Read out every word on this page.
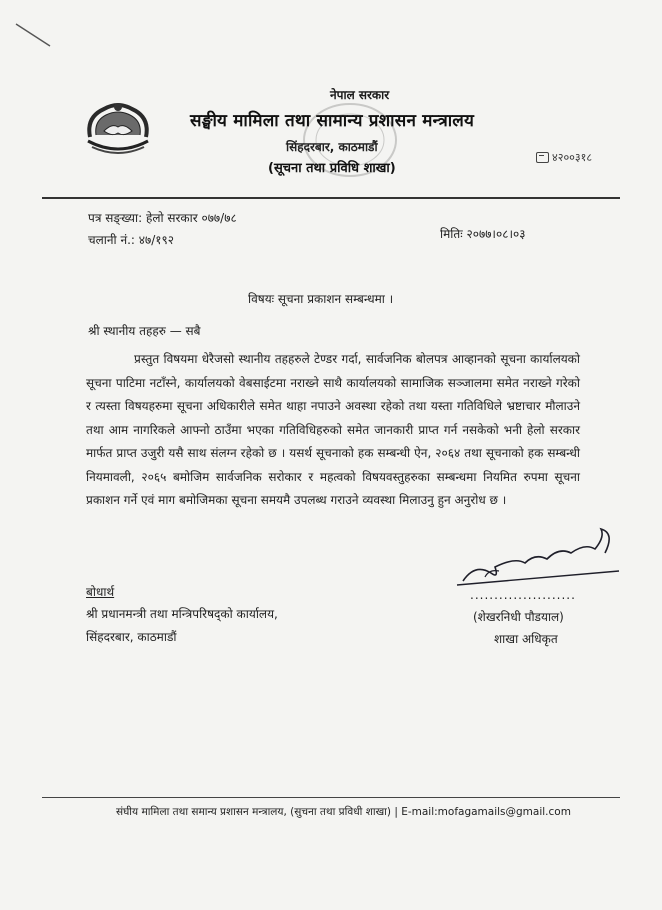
नेपाल सरकार
सङ्घीय मामिला तथा सामान्य प्रशासन मन्त्रालय
सिंहदरबार, काठमाडौं
(सूचना तथा प्रविधि शाखा)
४२००३१८
पत्र सङ्ख्या: हेलो सरकार ०७७/७८
चलानी नं.: ४७/१९२	मितिः २०७७।०८।०३
विषयः सूचना प्रकाशन सम्बन्धमा ।
श्री स्थानीय तहहरु — सबै
प्रस्तुत विषयमा धेरैजसो स्थानीय तहहरुले टेण्डर गर्दा, सार्वजनिक बोलपत्र आव्हानको सूचना कार्यालयको सूचना पाटिमा नटाँस्ने, कार्यालयको वेबसाईटमा नराख्ने साथै कार्यालयको सामाजिक सञ्जालमा समेत नराख्ने गरेको र त्यस्ता विषयहरुमा सूचना अधिकारीले समेत थाहा नपाउने अवस्था रहेको तथा यस्ता गतिविधिले भ्रष्टाचार मौलाउने तथा आम नागरिकले आफ्नो ठाउँमा भएका गतिविधिहरुको समेत जानकारी प्राप्त गर्न नसकेको भनी हेलो सरकार मार्फत प्राप्त उजुरी यसै साथ संलग्न रहेको छ । यसर्थ सूचनाको हक सम्बन्धी ऐन, २०६४ तथा सूचनाको हक सम्बन्धी नियमावली, २०६५ बमोजिम सार्वजनिक सरोकार र महत्वको विषयवस्तुहरुका सम्बन्धमा नियमित रुपमा सूचना प्रकाशन गर्ने एवं माग बमोजिमका सूचना समयमै उपलब्ध गराउने व्यवस्था मिलाउनु हुन अनुरोध छ ।
......................
(शेखरनिधी पौडयाल)
शाखा अधिकृत
बोधार्थ
श्री प्रधानमन्त्री तथा मन्त्रिपरिषद्को कार्यालय,
सिंहदरबार, काठमाडौं
संघीय मामिला तथा समान्य प्रशासन मन्त्रालय, (सुचना तथा प्रविधी शाखा) | E-mail:mofagamails@gmail.com
